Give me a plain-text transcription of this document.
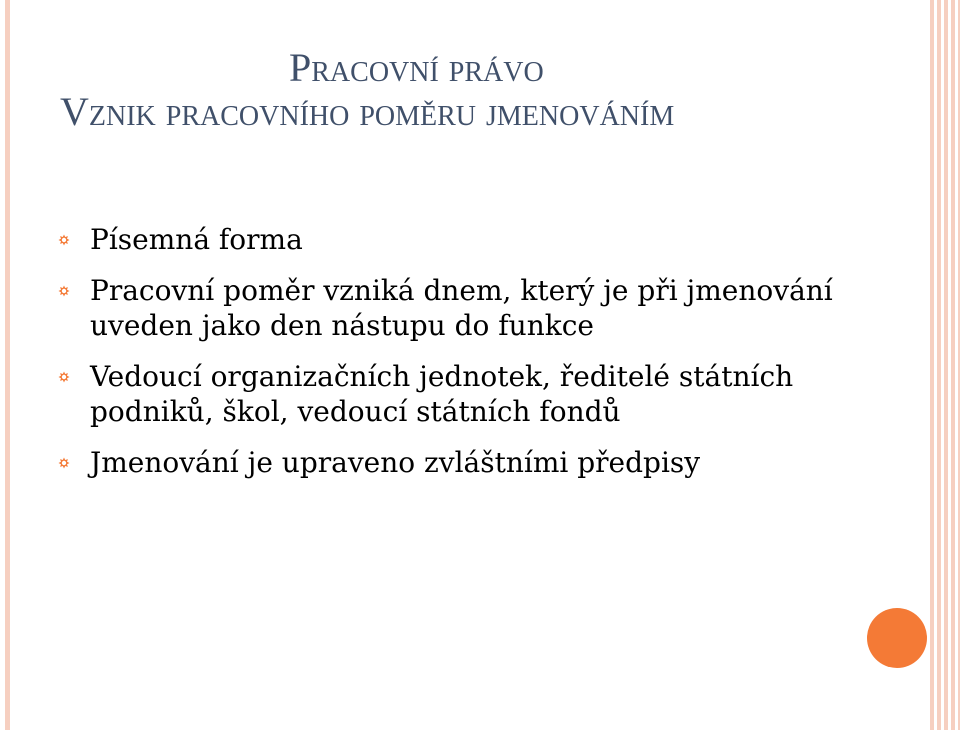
Pracovní právo
Vznik pracovního poměru jmenováním
Písemná forma
Pracovní poměr vzniká dnem, který je při jmenování uveden jako den nástupu do funkce
Vedoucí organizačních jednotek, ředitelé státních podniků, škol, vedoucí státních fondů
Jmenování je upraveno zvláštními předpisy
